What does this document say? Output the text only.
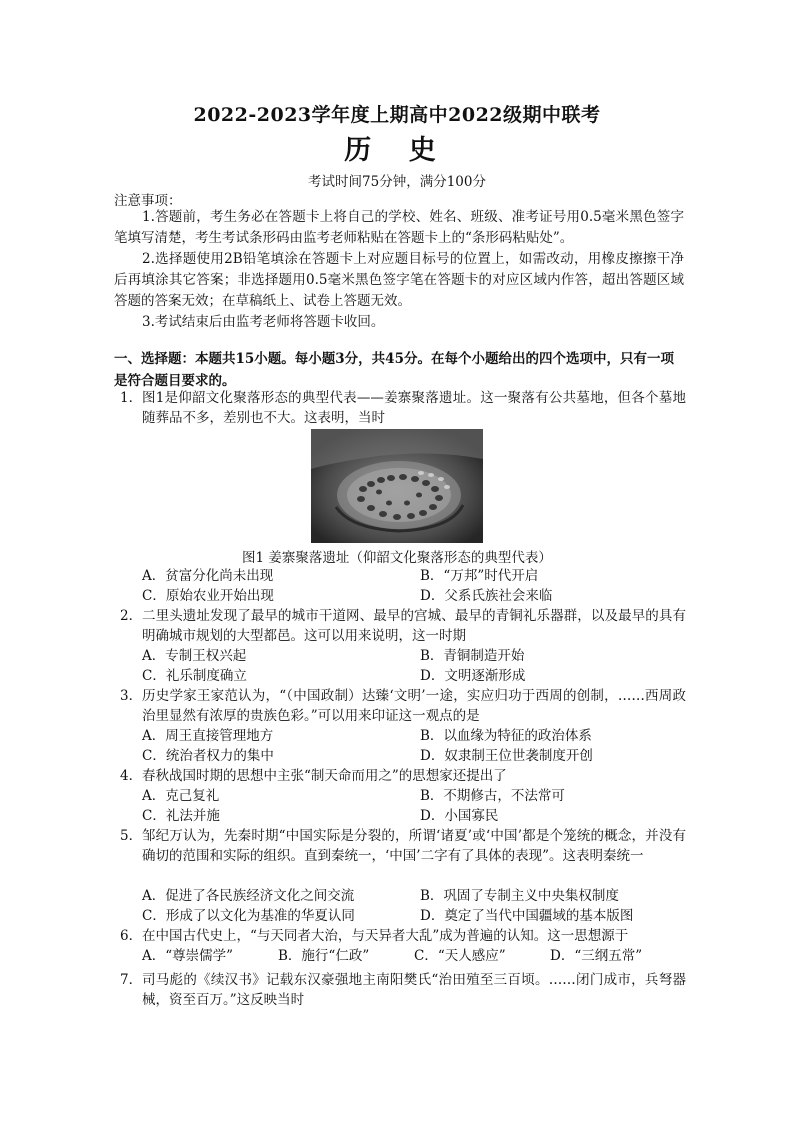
2022-2023学年度上期高中2022级期中联考
历 史
考试时间75分钟，满分100分
注意事项：
1.答题前，考生务必在答题卡上将自己的学校、姓名、班级、准考证号用0.5毫米黑色签字笔填写清楚，考生考试条形码由监考老师粘贴在答题卡上的“条形码粘贴处”。
2.选择题使用2B铅笔填涂在答题卡上对应题目标号的位置上，如需改动，用橡皮擦擦干净后再填涂其它答案；非选择题用0.5毫米黑色签字笔在答题卡的对应区域内作答，超出答题区域答题的答案无效；在草稿纸上、试卷上答题无效。
3.考试结束后由监考老师将答题卡收回。
一、选择题：本题共15小题。每小题3分，共45分。在每个小题给出的四个选项中，只有一项是符合题目要求的。
1． 图1是仰韶文化聚落形态的典型代表——姜寨聚落遗址。这一聚落有公共墓地，但各个墓地随葬品不多，差别也不大。这表明，当时
图1 姜寨聚落遗址（仰韶文化聚落形态的典型代表）
A．贫富分化尚未出现	B．“万邦”时代开启
C．原始农业开始出现	D．父系氏族社会来临
2． 二里头遗址发现了最早的城市干道网、最早的宫城、最早的青铜礼乐器群，以及最早的具有明确城市规划的大型都邑。这可以用来说明，这一时期
A．专制王权兴起	B．青铜制造开始
C．礼乐制度确立	D．文明逐渐形成
3． 历史学家王家范认为，“（中国政制）达臻‘文明’一途，实应归功于西周的创制，……西周政治里显然有浓厚的贵族色彩。”可以用来印证这一观点的是
A．周王直接管理地方	B．以血缘为特征的政治体系
C．统治者权力的集中	D．奴隶制王位世袭制度开创
4． 春秋战国时期的思想中主张“制天命而用之”的思想家还提出了
A．克己复礼	B．不期修古，不法常可
C．礼法并施	D．小国寡民
5． 邹纪万认为，先秦时期“中国实际是分裂的，所谓‘诸夏’或‘中国’都是个笼统的概念，并没有确切的范围和实际的组织。直到秦统一，‘中国’二字有了具体的表现”。这表明秦统一
A．促进了各民族经济文化之间交流	B．巩固了专制主义中央集权制度
C．形成了以文化为基准的华夏认同	D．奠定了当代中国疆域的基本版图
6． 在中国古代史上，“与天同者大治，与天异者大乱”成为普遍的认知。这一思想源于
A．“尊崇儒学”	B．施行“仁政”	C．“天人感应”	D．“三纲五常”
7． 司马彪的《续汉书》记载东汉豪强地主南阳樊氏“治田殖至三百顷。……闭门成市，兵弩器械，资至百万。”这反映当时
